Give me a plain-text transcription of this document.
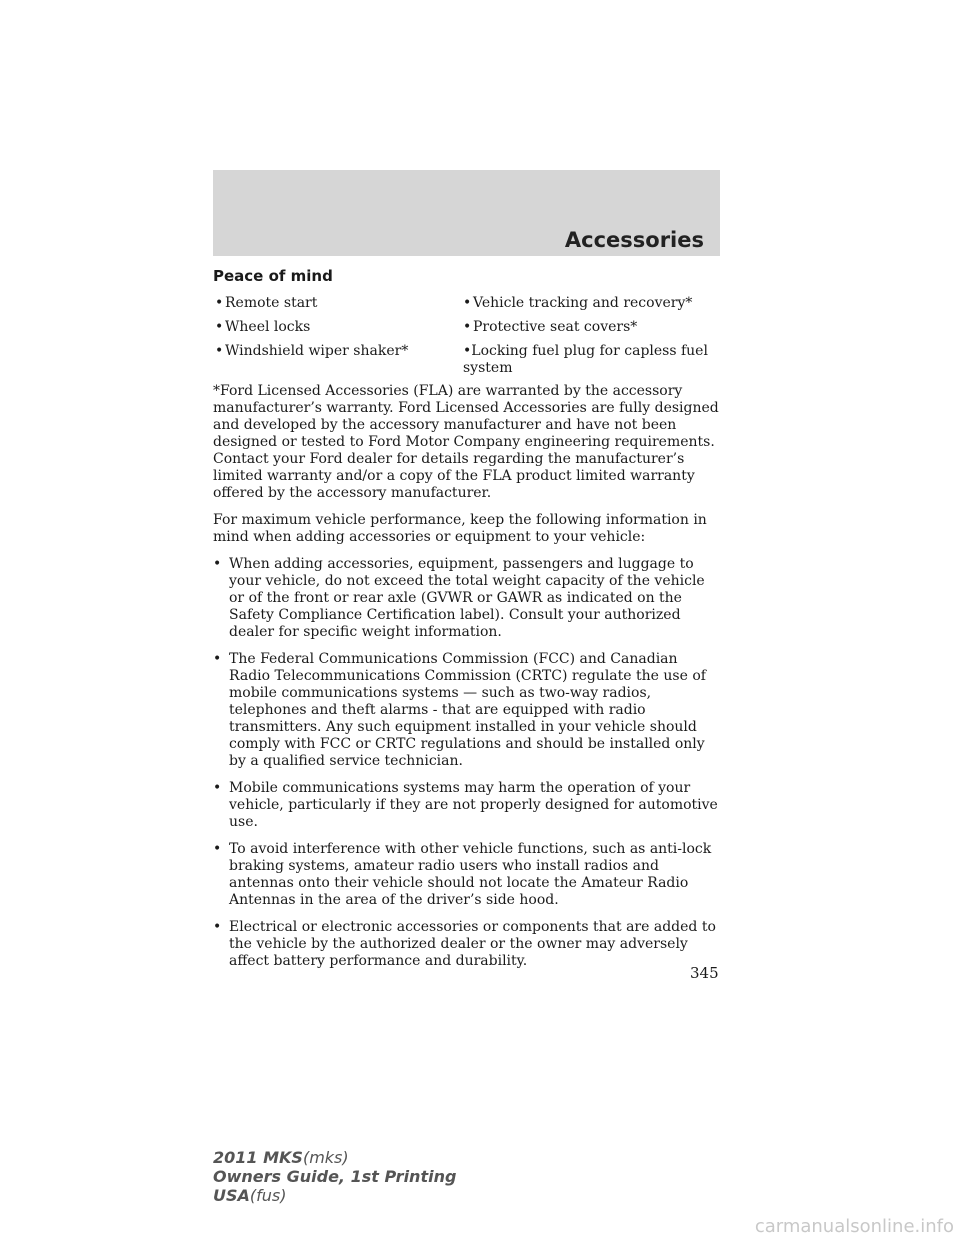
Accessories
Peace of mind
• Remote start	• Vehicle tracking and recovery*
• Wheel locks	• Protective seat covers*
• Windshield wiper shaker*	•Locking fuel plug for capless fuel system

*Ford Licensed Accessories (FLA) are warranted by the accessory manufacturer’s warranty. Ford Licensed Accessories are fully designed and developed by the accessory manufacturer and have not been designed or tested to Ford Motor Company engineering requirements. Contact your Ford dealer for details regarding the manufacturer’s limited warranty and/or a copy of the FLA product limited warranty offered by the accessory manufacturer.

For maximum vehicle performance, keep the following information in mind when adding accessories or equipment to your vehicle:

• When adding accessories, equipment, passengers and luggage to your vehicle, do not exceed the total weight capacity of the vehicle or of the front or rear axle (GVWR or GAWR as indicated on the Safety Compliance Certification label). Consult your authorized dealer for specific weight information.
• The Federal Communications Commission (FCC) and Canadian Radio Telecommunications Commission (CRTC) regulate the use of mobile communications systems — such as two-way radios, telephones and theft alarms - that are equipped with radio transmitters. Any such equipment installed in your vehicle should comply with FCC or CRTC regulations and should be installed only by a qualified service technician.
• Mobile communications systems may harm the operation of your vehicle, particularly if they are not properly designed for automotive use.
• To avoid interference with other vehicle functions, such as anti-lock braking systems, amateur radio users who install radios and antennas onto their vehicle should not locate the Amateur Radio Antennas in the area of the driver’s side hood.
• Electrical or electronic accessories or components that are added to the vehicle by the authorized dealer or the owner may adversely affect battery performance and durability.
345
2011 MKS(mks)
Owners Guide, 1st Printing
USA(fus)
carmanualsonline.info
